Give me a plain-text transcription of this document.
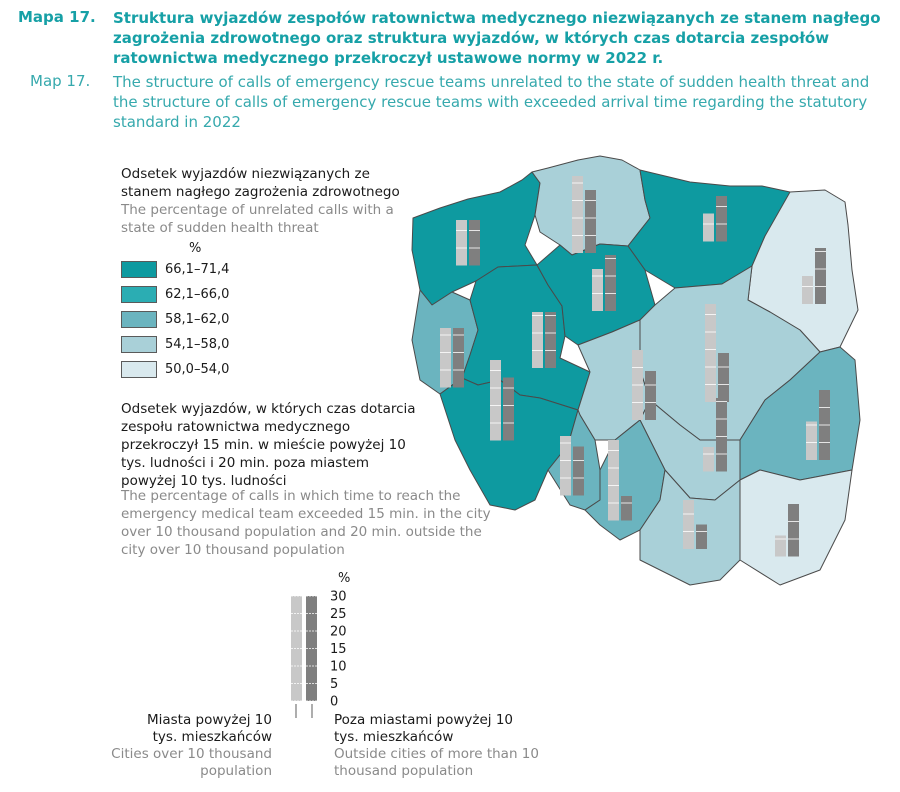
Mapa 17. Struktura wyjazdów zespołów ratownictwa medycznego niezwiązanych ze stanem nagłego zagrożenia zdrowotnego oraz struktura wyjazdów, w których czas dotarcia zespołów ratownictwa medycznego przekroczył ustawowe normy w 2022 r.
Map 17. The structure of calls of emergency rescue teams unrelated to the state of sudden health threat and the structure of calls of emergency rescue teams with exceeded arrival time regarding the statutory standard in 2022
Odsetek wyjazdów niezwiązanych ze stanem nagłego zagrożenia zdrowotnego
The percentage of unrelated calls with a state of sudden health threat
%
66,1–71,4
62,1–66,0
58,1–62,0
54,1–58,0
50,0–54,0
Odsetek wyjazdów, w których czas dotarcia zespołu ratownictwa medycznego przekroczył 15 min. w mieście powyżej 10 tys. ludności i 20 min. poza miastem powyżej 10 tys. ludności
The percentage of calls in which time to reach the emergency medical team exceeded 15 min. in the city over 10 thousand population and 20 min. outside the city over 10 thousand population
%
30
25
20
15
10
5
0
Miasta powyżej 10 tys. mieszkańców
Cities over 10 thousand population
Poza miastami powyżej 10 tys. mieszkańców
Outside cities of more than 10 thousand population
